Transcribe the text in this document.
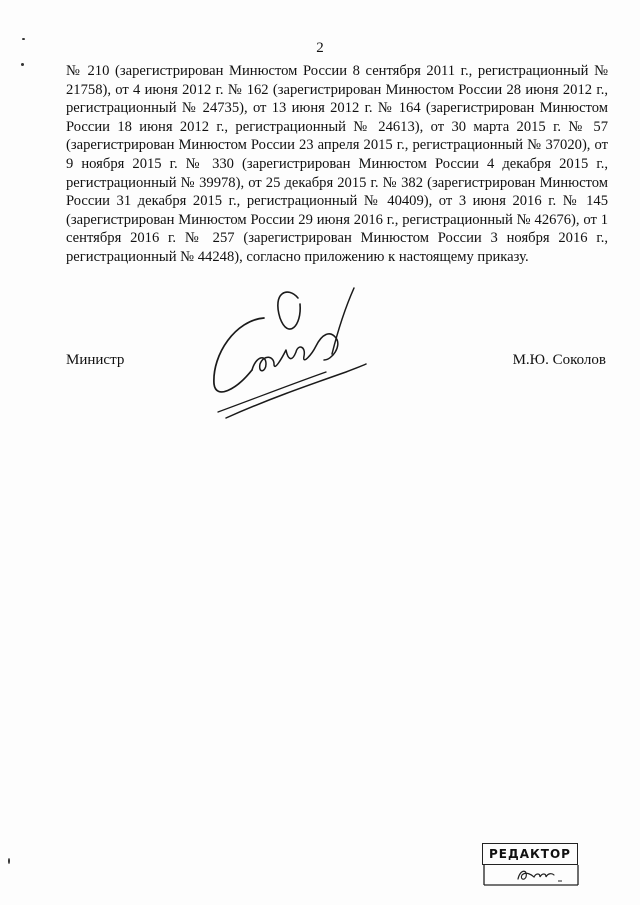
2

№ 210 (зарегистрирован Минюстом России 8 сентября 2011 г., регистрационный № 21758), от 4 июня 2012 г. № 162 (зарегистрирован Минюстом России 28 июня 2012 г., регистрационный № 24735), от 13 июня 2012 г. № 164 (зарегистрирован Минюстом России 18 июня 2012 г., регистрационный № 24613), от 30 марта 2015 г. № 57 (зарегистрирован Минюстом России 23 апреля 2015 г., регистрационный № 37020), от 9 ноября 2015 г. № 330 (зарегистрирован Минюстом России 4 декабря 2015 г., регистрационный № 39978), от 25 декабря 2015 г. № 382 (зарегистрирован Минюстом России 31 декабря 2015 г., регистрационный № 40409), от 3 июня 2016 г. № 145 (зарегистрирован Минюстом России 29 июня 2016 г., регистрационный № 42676), от 1 сентября 2016 г. № 257 (зарегистрирован Минюстом России 3 ноября 2016 г., регистрационный № 44248), согласно приложению к настоящему приказу.

Министр	М.Ю. Соколов
РЕДАКТОР
